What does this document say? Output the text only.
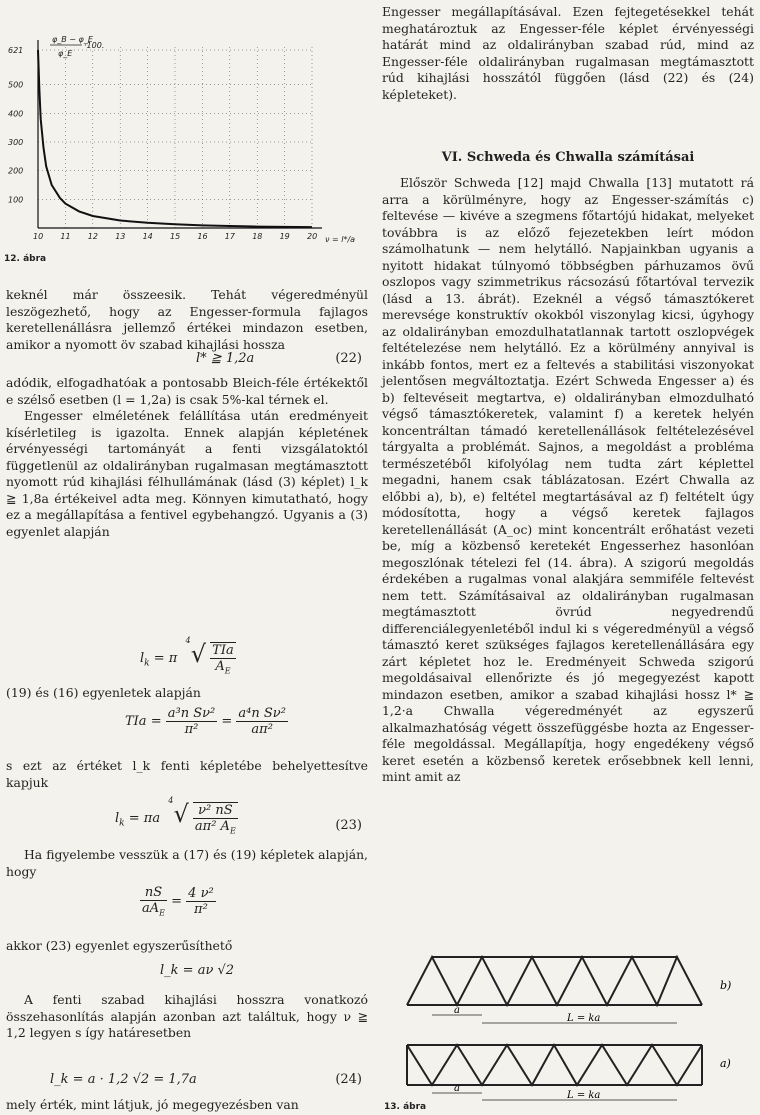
100
200
300
400
500
621
10 11 12 13 14 15 16 17 18 19 20
φ_B − φ_E
φ_E
·100.
ν = l*/a
12. ábra

keknél már összeesik. Tehát végeredményül leszögezhető, hogy az Engesser-formula fajlagos keretellenállásra jellemző értékei mindazon esetben, amikor a nyomott öv szabad kihajlási hossza

l* ≧ 1,2a	(22)

adódik, elfogadhatóak a pontosabb Bleich-féle értékektől e szélső esetben (l = 1,2a) is csak 5%-kal térnek el.

Engesser elméletének felállítása után eredményeit kísérletileg is igazolta. Ennek alapján képletének érvényességi tartományát a fenti vizsgálatoktól függetlenül az oldalirányban rugalmasan megtámasztott nyomott rúd kihajlási félhullámának (lásd (3) képlet) l_k ≧ 1,8a értékeivel adta meg. Könnyen kimutatható, hogy ez a megállapítása a fentivel egybehangzó. Ugyanis a (3) egyenlet alapján

$l_k = \pi$ $^4$ √ $\frac{\text{TIa}}{A_E}$

(19) és (16) egyenletek alapján

TIa = $\frac{\text{a³n Sν²}}{\text{π²}} = \frac{\text{a⁴n Sν²}}{\text{aπ²}}$

s ezt az értéket l_k fenti képletébe behelyettesítve kapjuk

$l_k = \pi a$ $^4$ √ $\frac{\text{ν² nS}}{a\pi^2 A_E}$	(23)

Ha figyelembe vesszük a (17) és (19) képletek alapján, hogy

$\frac{nS}{aA_E} = \frac{\text{4 ν²}}{\text{π²}}$

akkor (23) egyenlet egyszerűsíthető

l_k = aν √2

A fenti szabad kihajlási hosszra vonatkozó összehasonlítás alapján azonban azt találtuk, hogy ν ≧ 1,2 legyen s így határesetben

l_k = a · 1,2 √2 = 1,7a	(24)

mely érték, mint látjuk, jó megegyezésben van

Engesser megállapításával. Ezen fejtegetésekkel tehát meghatároztuk az Engesser-féle képlet érvényességi határát mind az oldalirányban szabad rúd, mind az Engesser-féle oldalirányban rugalmasan megtámasztott rúd kihajlási hosszától függően (lásd (22) és (24) képleteket).

VI. Schweda és Chwalla számításai

Először Schweda [12] majd Chwalla [13] mutatott rá arra a körülményre, hogy az Engesser-számítás c) feltevése — kivéve a szegmens főtartójú hidakat, melyeket továbbra is az előző fejezetekben leírt módon számolhatunk — nem helytálló. Napjainkban ugyanis a nyitott hidakat túlnyomó többségben párhuzamos övű oszlopos vagy szimmetrikus rácsozású főtartóval tervezik (lásd a 13. ábrát). Ezeknél a végső támasztókeret merevsége konstruktív okokból viszonylag kicsi, úgyhogy az oldalirányban emozdulhatatlannak tartott oszlopvégek feltételezése nem helytálló. Ez a körülmény annyival is inkább fontos, mert ez a feltevés a stabilitási viszonyokat jelentősen megváltoztatja. Ezért Schweda Engesser a) és b) feltevéseit megtartva, e) oldalirányban elmozdulható végső támasztókeretek, valamint f) a keretek helyén koncentráltan támadó keretellenállások feltételezésével tárgyalta a problémát. Sajnos, a megoldást a probléma természetéből kifolyólag nem tudta zárt képlettel megadni, hanem csak táblázatosan. Ezért Chwalla az előbbi a), b), e) feltétel megtartásával az f) feltételt úgy módosította, hogy a végső keretek fajlagos keretellenállását (A_oc) mint koncentrált erőhatást vezeti be, míg a közbenső keretekét Engesserhez hasonlóan megoszlónak tételezi fel (14. ábra). A szigorú megoldás érdekében a rugalmas vonal alakjára semmiféle feltevést nem tett. Számításaival az oldalirányban rugalmasan megtámasztott övrúd negyedrendű differenciálegyenletéből indul ki s végeredményül a végső támasztó keret szükséges fajlagos keretellenállására egy zárt képletet hoz le. Eredményeit Schweda szigorú megoldásaival ellenőrizte és jó megegyezést kapott mindazon esetben, amikor a szabad kihajlási hossz l* ≧ 1,2·a Chwalla végeredményét az egyszerű alkalmazhatóság végett összefüggésbe hozta az Engesser-féle megoldással. Megállapítja, hogy engedékeny végső keret esetén a közbenső keretek erősebbnek kell lenni, mint amit az

a
L = ka
a
L = ka
b)
a)
13. ábra
